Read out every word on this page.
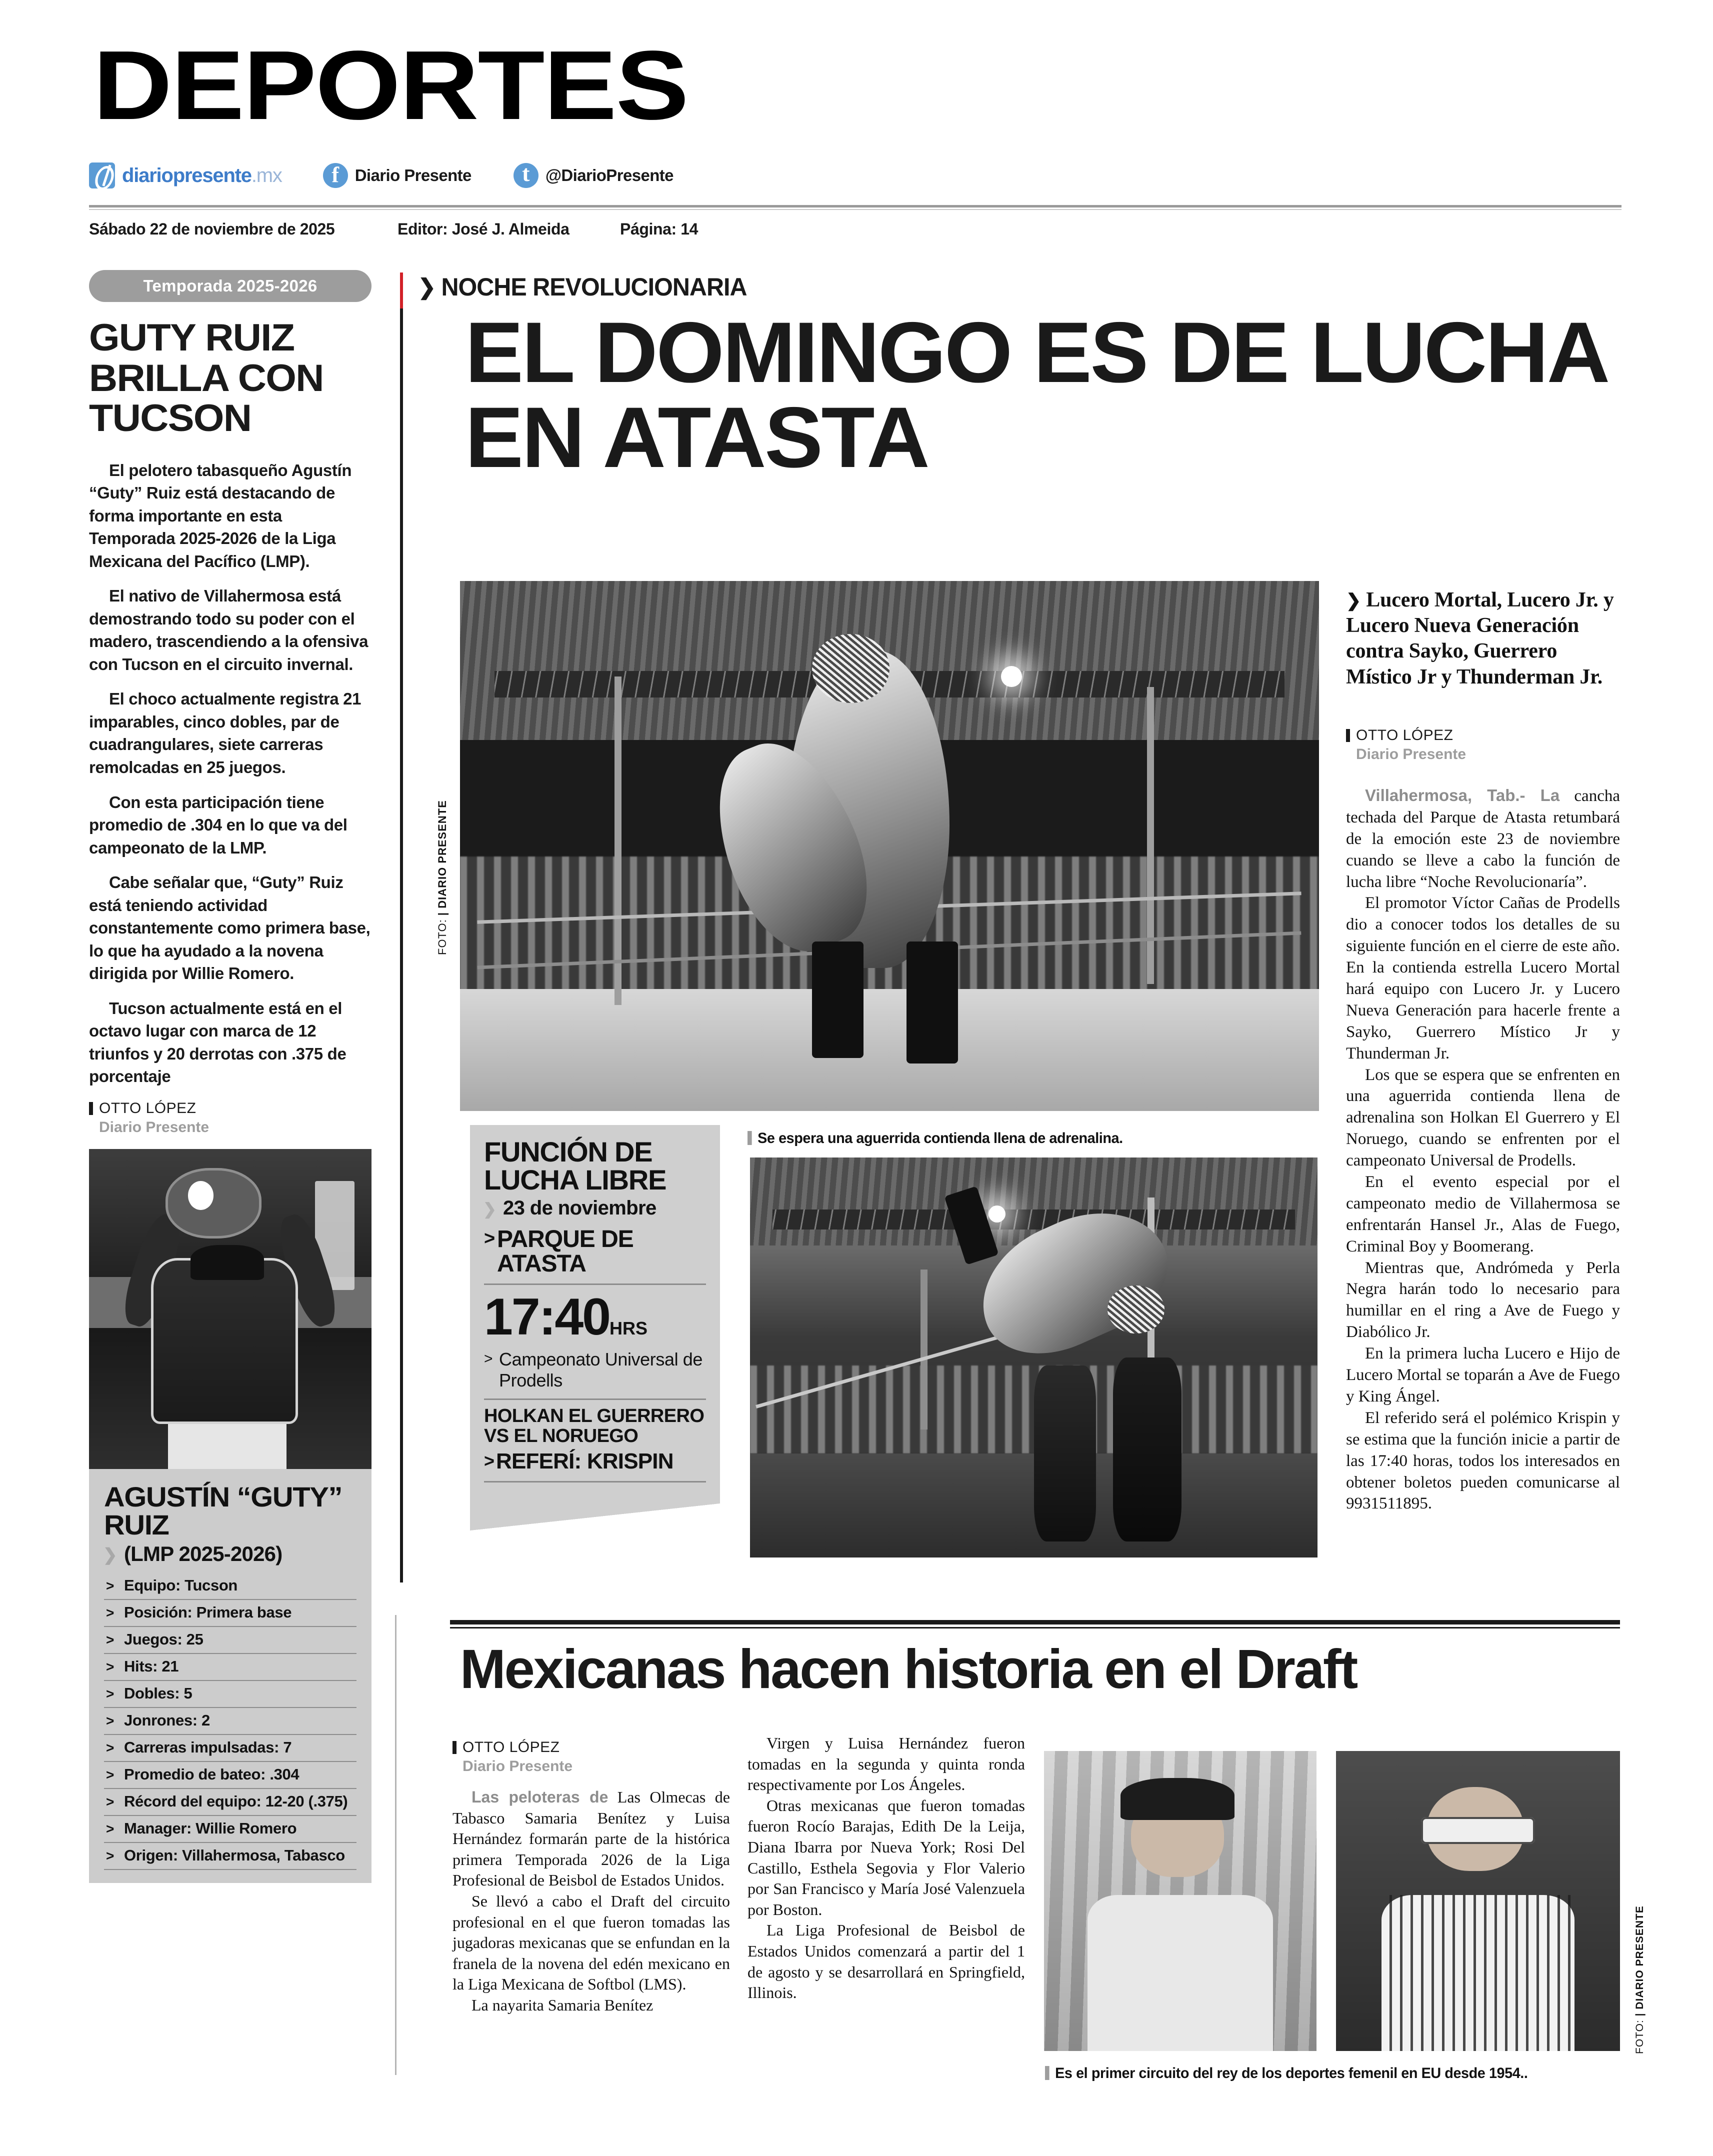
DEPORTES
diariopresente.mx f	Diario Presente t	@DiarioPresente
Sábado 22 de noviembre de 2025	Editor: José J. Almeida	Página: 14
Temporada 2025-2026
GUTY RUIZ BRILLA CON TUCSON

El pelotero tabasqueño Agustín “Guty” Ruiz está destacando de forma importante en esta Temporada 2025-2026 de la Liga Mexicana del Pacífico (LMP).

El nativo de Villahermosa está demostrando todo su poder con el madero, trascendiendo a la ofensiva con Tucson en el circuito invernal.

El choco actualmente registra 21 imparables, cinco dobles, par de cuadrangulares, siete carreras remolcadas en 25 juegos.

Con esta participación tiene promedio de .304 en lo que va del campeonato de la LMP.

Cabe señalar que, “Guty” Ruiz está teniendo actividad constantemente como primera base, lo que ha ayudado a la novena dirigida por Willie Romero.

Tucson actualmente está en el octavo lugar con marca de 12 triunfos y 20 derrotas con .375 de porcentaje

OTTO LÓPEZ
Diario Presente
AGUSTÍN “GUTY” RUIZ
❯ (LMP 2025-2026)
> Equipo: Tucson
> Posición: Primera base
> Juegos: 25
> Hits: 21
> Dobles: 5
> Jonrones: 2
> Carreras impulsadas: 7
> Promedio de bateo: .304
> Récord del equipo: 12-20 (.375)
> Manager: Willie Romero
> Origen: Villahermosa, Tabasco
❯ NOCHE REVOLUCIONARIA
EL DOMINGO ES DE LUCHA EN ATASTA
FOTO: | DIARIO PRESENTE
Se espera una aguerrida contienda llena de adrenalina.
FUNCIÓN DE LUCHA LIBRE
❯ 23 de noviembre
> PARQUE DE ATASTA
17:40HRS
> Campeonato Universal de Prodells
HOLKAN EL GUERRERO VS EL NORUEGO
> REFERÍ: KRISPIN
❯ Lucero Mortal, Lucero Jr. y Lucero Nueva Generación contra Sayko, Guerrero Místico Jr y Thunderman Jr.
OTTO LÓPEZ
Diario Presente

Villahermosa, Tab.- La cancha techada del Parque de Atasta retumbará de la emoción este 23 de noviembre cuando se lleve a cabo la función de lucha libre “Noche Revolucionaría”.

El promotor Víctor Cañas de Prodells dio a conocer todos los detalles de su siguiente función en el cierre de este año. En la contienda estrella Lucero Mortal hará equipo con Lucero Jr. y Lucero Nueva Generación para hacerle frente a Sayko, Guerrero Místico Jr y Thunderman Jr.

Los que se espera que se enfrenten en una aguerrida contienda llena de adrenalina son Holkan El Guerrero y El Noruego, cuando se enfrenten por el campeonato Universal de Prodells.

En el evento especial por el campeonato medio de Villahermosa se enfrentarán Hansel Jr., Alas de Fuego, Criminal Boy y Boomerang.

Mientras que, Andrómeda y Perla Negra harán todo lo necesario para humillar en el ring a Ave de Fuego y Diabólico Jr.

En la primera lucha Lucero e Hijo de Lucero Mortal se toparán a Ave de Fuego y King Ángel.

El referido será el polémico Krispin y se estima que la función inicie a partir de las 17:40 horas, todos los interesados en obtener boletos pueden comunicarse al 9931511895.

Mexicanas hacen historia en el Draft
OTTO LÓPEZ
Diario Presente

Las peloteras de Las Olmecas de Tabasco Samaria Benítez y Luisa Hernández formarán parte de la histórica primera Temporada 2026 de la Liga Profesional de Beisbol de Estados Unidos.

Se llevó a cabo el Draft del circuito profesional en el que fueron tomadas las jugadoras mexicanas que se enfundan en la franela de la novena del edén mexicano en la Liga Mexicana de Softbol (LMS).

La nayarita Samaria Benítez

Virgen y Luisa Hernández fueron tomadas en la segunda y quinta ronda respectivamente por Los Ángeles.

Otras mexicanas que fueron tomadas fueron Rocío Barajas, Edith De la Leija, Diana Ibarra por Nueva York; Rosi Del Castillo, Esthela Segovia y Flor Valerio por San Francisco y María José Valenzuela por Boston.

La Liga Profesional de Beisbol de Estados Unidos comenzará a partir del 1 de agosto y se desarrollará en Springfield, Illinois.

FOTO: | DIARIO PRESENTE
Es el primer circuito del rey de los deportes femenil en EU desde 1954..
